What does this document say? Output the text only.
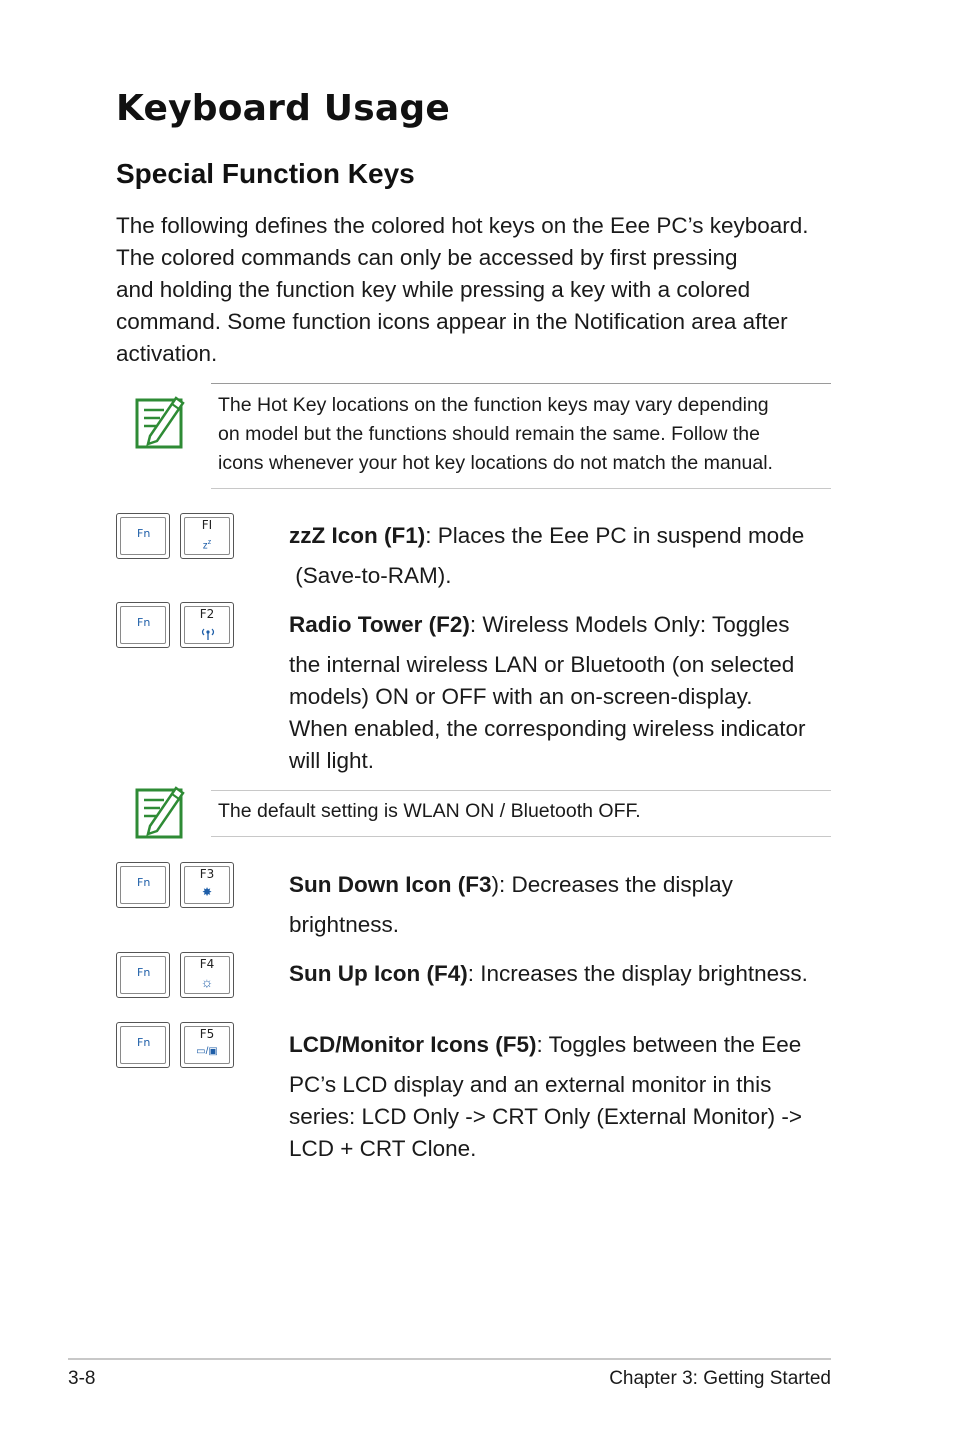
Keyboard Usage
Special Function Keys

The following defines the colored hot keys on the Eee PC’s keyboard.
The colored commands can only be accessed by first pressing
and holding the function key while pressing a key with a colored
command. Some function icons appear in the Notification area after
activation.

The Hot Key locations on the function keys may vary depending
on model but the functions should remain the same. Follow the
icons whenever your hot key locations do not match the manual.

Fn
FI
$z^z$	zzZ Icon (F1): Places the Eee PC in suspend mode
(Save-to-RAM).
Fn
F2	Radio Tower (F2): Wireless Models Only: Toggles
the internal wireless LAN or Bluetooth (on selected
models) ON or OFF with an on-screen-display.
When enabled, the corresponding wireless indicator
will light.

The default setting is WLAN ON / Bluetooth OFF.

Fn
F3
✸	Sun Down Icon (F3): Decreases the display
brightness.
Fn
F4
☼	Sun Up Icon (F4): Increases the display brightness.
Fn
F5
▭/▣	LCD/Monitor Icons (F5): Toggles between the Eee
PC’s LCD display and an external monitor in this
series: LCD Only -> CRT Only (External Monitor) ->
LCD + CRT Clone.
3-8	Chapter 3: Getting Started
